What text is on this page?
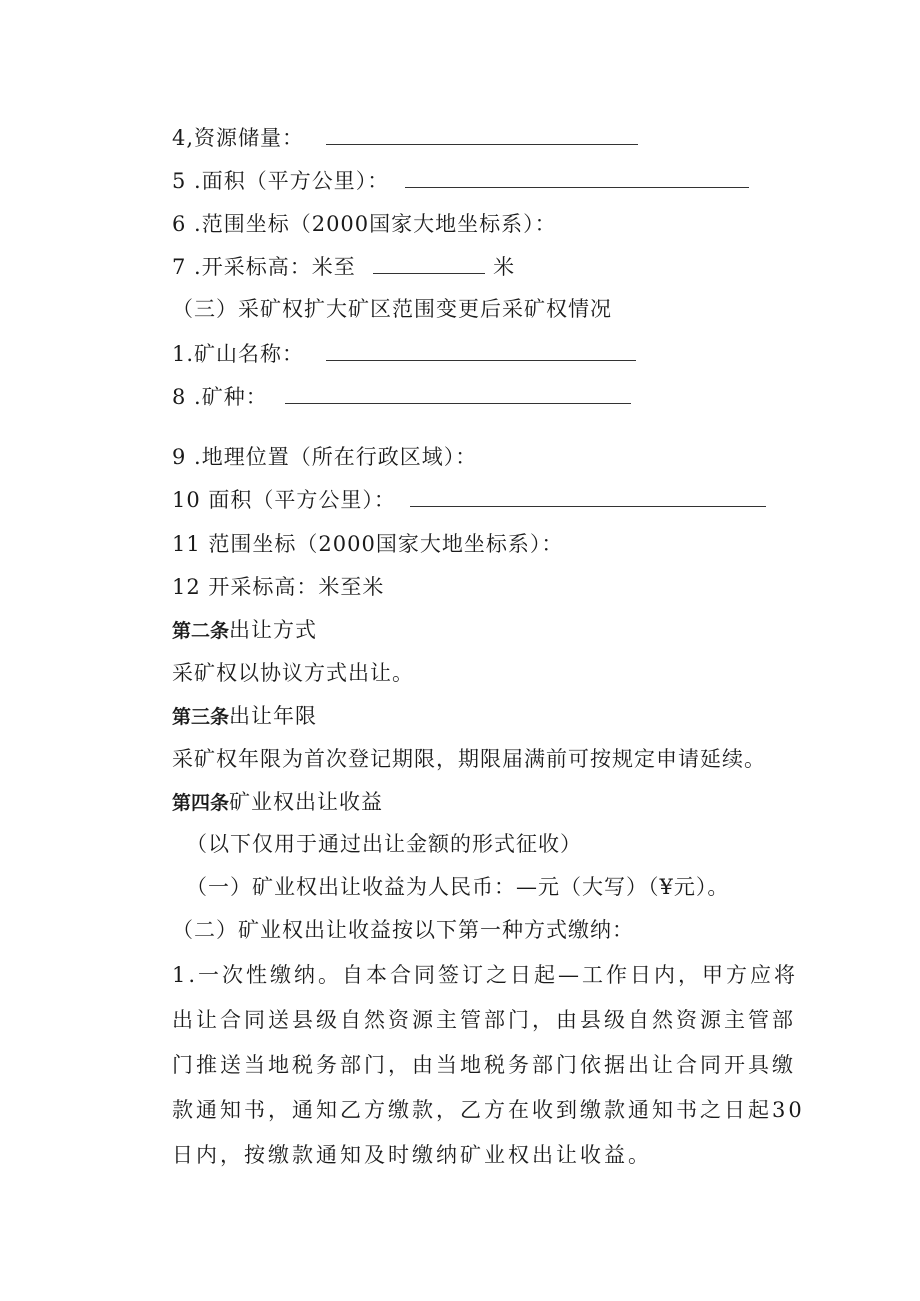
4,资源储量：
5 .面积（平方公里）：
6 .范围坐标（2000国家大地坐标系）：
7 .开采标高：米至	米
（三）采矿权扩大矿区范围变更后采矿权情况
1.矿山名称：
8 .矿种：
9 .地理位置（所在行政区域）：
10 面积（平方公里）：
11 范围坐标（2000国家大地坐标系）：
12 开采标高：米至米
第二条出让方式
采矿权以协议方式出让。
第三条出让年限
采矿权年限为首次登记期限，期限届满前可按规定申请延续。
第四条矿业权出让收益
（以下仅用于通过出让金额的形式征收）
（一）矿业权出让收益为人民币：—元（大写）（¥元）。
（二）矿业权出让收益按以下第一种方式缴纳：
1.一次性缴纳。自本合同签订之日起—工作日内，甲方应将出让合同送县级自然资源主管部门，由县级自然资源主管部门推送当地税务部门，由当地税务部门依据出让合同开具缴款通知书，通知乙方缴款，乙方在收到缴款通知书之日起30日内，按缴款通知及时缴纳矿业权出让收益。
